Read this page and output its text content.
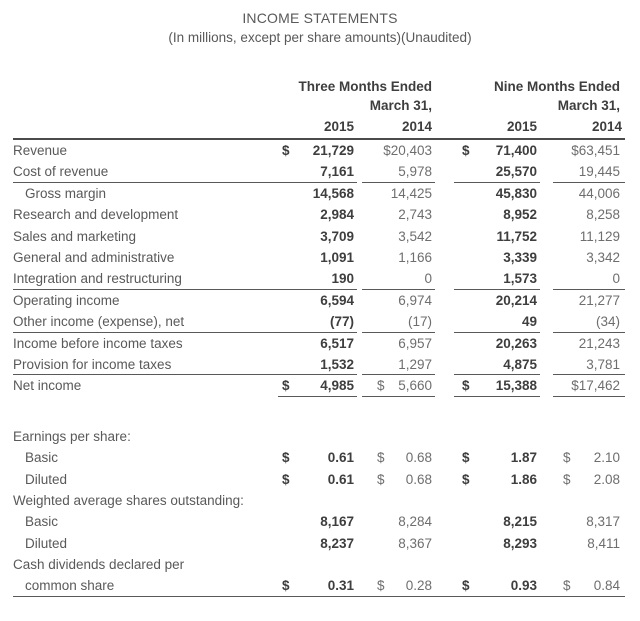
INCOME STATEMENTS
(In millions, except per share amounts)(Unaudited)
Three Months Ended	Nine Months Ended
March 31,	March 31,
2015	2014	2015	2014
Revenue	$ 21,729 $20,403	$ 71,400	$63,451
Cost of revenue	7,161	5,978	25,570	19,445
Gross margin	14,568	14,425	45,830	44,006
Research and development	2,984	2,743	8,952	8,258
Sales and marketing	3,709	3,542	11,752	11,129
General and administrative	1,091	1,166	3,339	3,342
Integration and restructuring	190	0	1,573	0
Operating income	6,594	6,974	20,214	21,277
Other income (expense), net	(77)	(17)	49	(34)
Income before income taxes	6,517	6,957	20,263	21,243
Provision for income taxes	1,532	1,297	4,875	3,781
Net income	$ 4,985	$ 5,660	$ 15,388	$17,462
Earnings per share:
Basic	$	0.61	$ 0.68	$	1.87	$ 2.10
Diluted	$	0.61	$ 0.68	$	1.86	$ 2.08
Weighted average shares outstanding:
Basic	8,167	8,284	8,215	8,317
Diluted	8,237	8,367	8,293	8,411
Cash dividends declared per
common share	$	0.31	$ 0.28	$	0.93	$ 0.84
